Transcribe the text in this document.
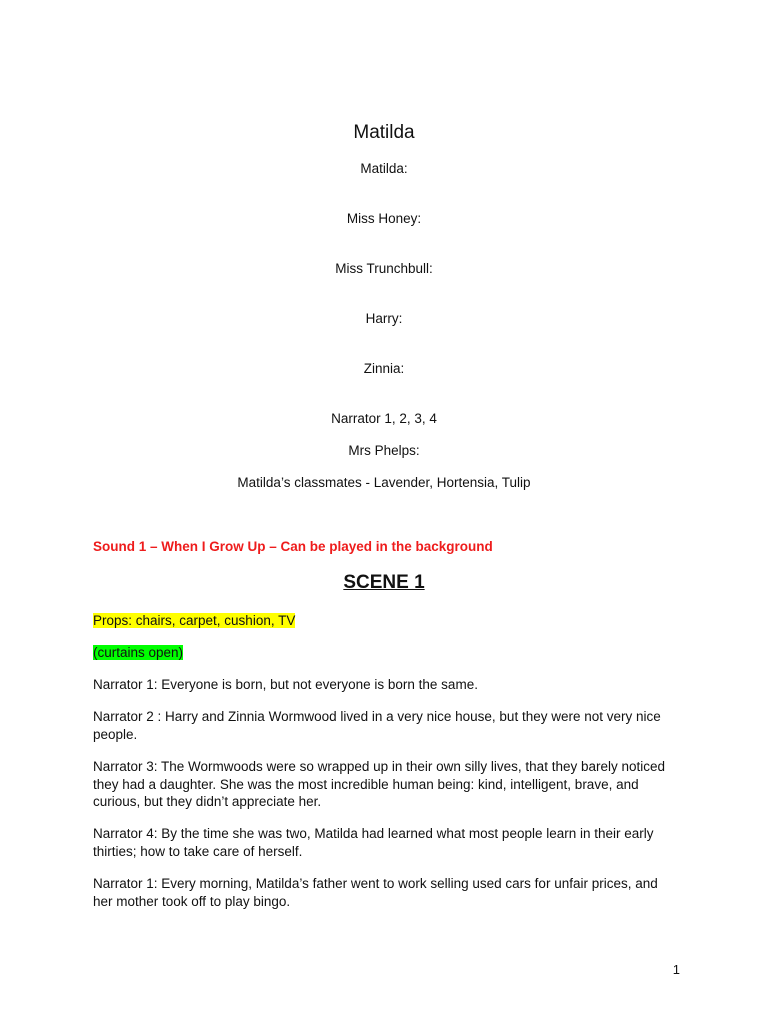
Matilda
Matilda:
Miss Honey:
Miss Trunchbull:
Harry:
Zinnia:
Narrator 1, 2, 3, 4
Mrs Phelps:
Matilda’s classmates - Lavender, Hortensia, Tulip
Sound 1 – When I Grow Up – Can be played in the background
SCENE 1
Props: chairs, carpet, cushion, TV
(curtains open)
Narrator 1: Everyone is born, but not everyone is born the same.
Narrator 2 : Harry and Zinnia Wormwood lived in a very nice house, but they were not very nice people.
Narrator 3: The Wormwoods were so wrapped up in their own silly lives, that they barely noticed they had a daughter. She was the most incredible human being: kind, intelligent, brave, and curious, but they didn’t appreciate her.
Narrator 4: By the time she was two, Matilda had learned what most people learn in their early thirties; how to take care of herself.
Narrator 1: Every morning, Matilda’s father went to work selling used cars for unfair prices, and her mother took off to play bingo.
1
